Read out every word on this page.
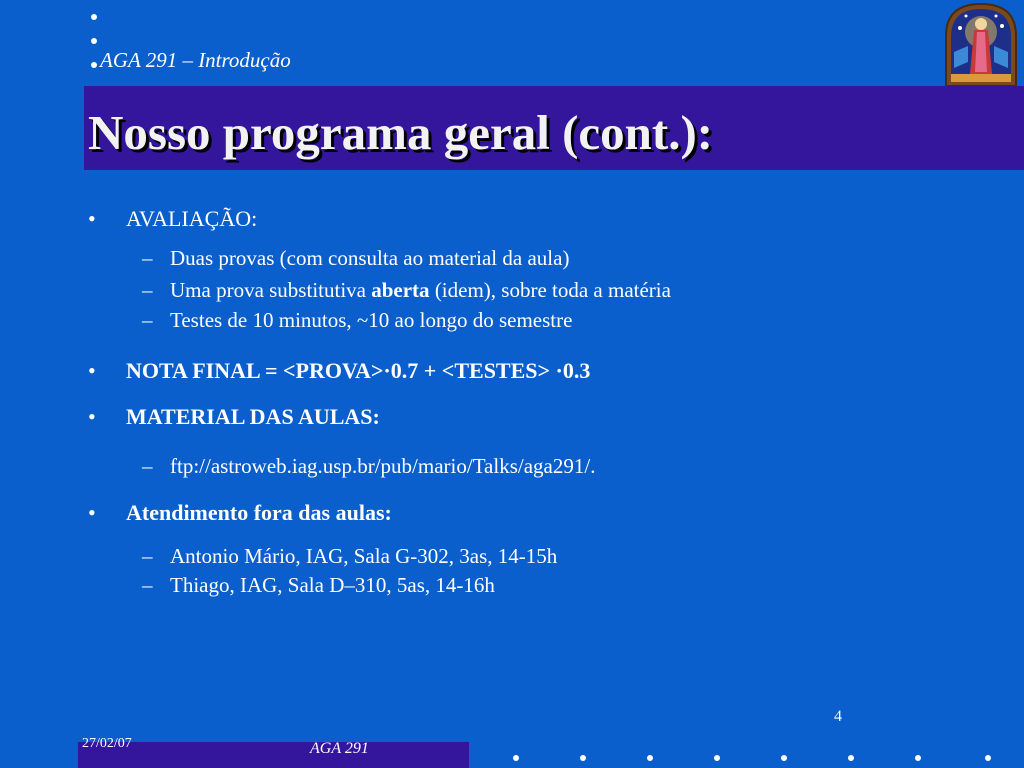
AGA 291 – Introdução
Nosso programa geral (cont.):
• AVALIAÇÃO:
– Duas provas (com consulta ao material da aula)
– Uma prova substitutiva aberta (idem), sobre toda a matéria
– Testes de 10 minutos, ~10 ao longo do semestre
• NOTA FINAL = <PROVA>·0.7 + <TESTES> ·0.3
• MATERIAL DAS AULAS:
– ftp://astroweb.iag.usp.br/pub/mario/Talks/aga291/.
• Atendimento fora das aulas:
– Antonio Mário, IAG, Sala G-302, 3as, 14-15h
– Thiago, IAG, Sala D–310, 5as, 14-16h
4
27/02/07	AGA 291
